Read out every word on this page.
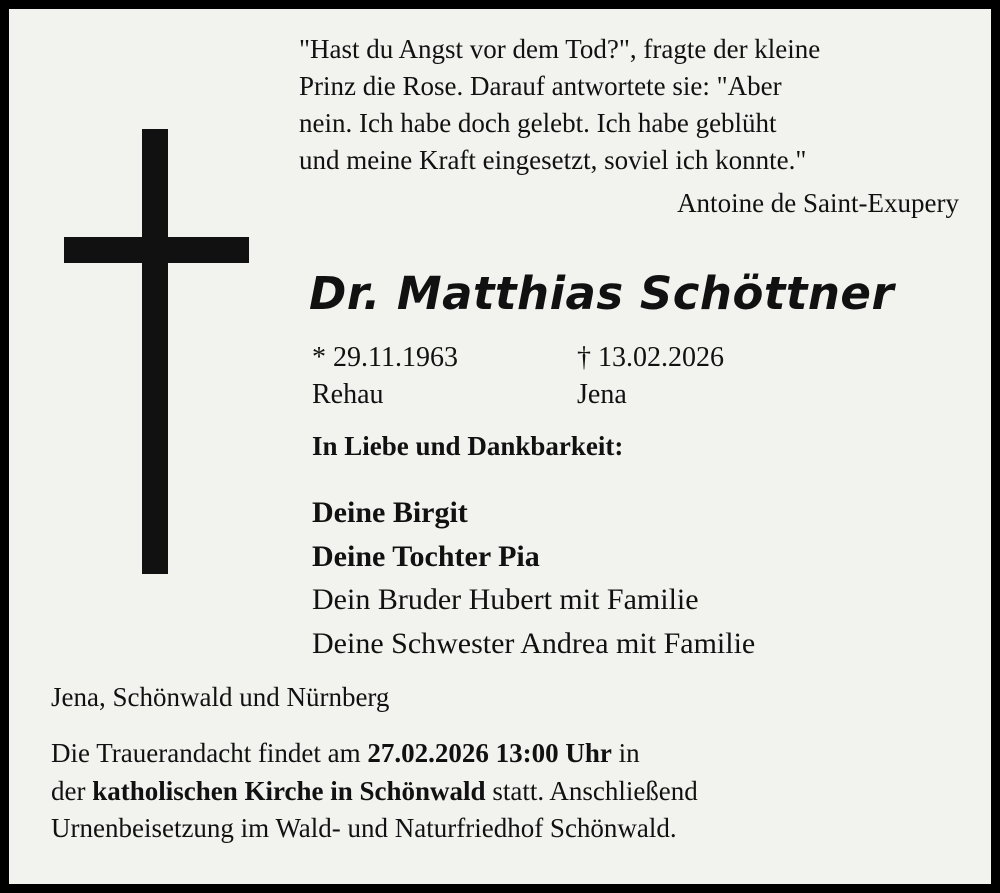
"Hast du Angst vor dem Tod?", fragte der kleine
Prinz die Rose. Darauf antwortete sie: "Aber
nein. Ich habe doch gelebt. Ich habe geblüht
und meine Kraft eingesetzt, soviel ich konnte."
Antoine de Saint-Exupery
Dr. Matthias Schöttner
* 29.11.1963	† 13.02.2026
Rehau	Jena
In Liebe und Dankbarkeit:
Deine Birgit
Deine Tochter Pia
Dein Bruder Hubert mit Familie
Deine Schwester Andrea mit Familie
Jena, Schönwald und Nürnberg
Die Trauerandacht findet am 27.02.2026 13:00 Uhr in
der katholischen Kirche in Schönwald statt. Anschließend
Urnenbeisetzung im Wald- und Naturfriedhof Schönwald.
